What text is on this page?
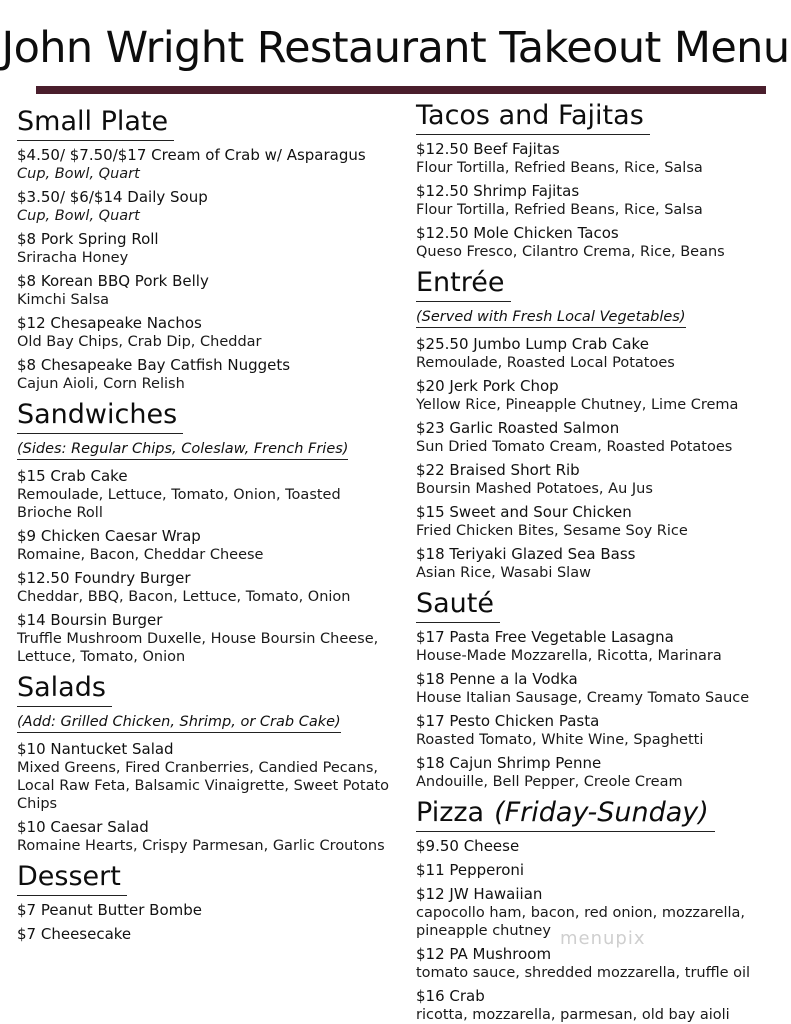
John Wright Restaurant Takeout Menu
Small Plate
$4.50/ $7.50/$17 Cream of Crab w/ Asparagus
Cup, Bowl, Quart
$3.50/ $6/$14 Daily Soup
Cup, Bowl, Quart
$8 Pork Spring Roll
Sriracha Honey
$8 Korean BBQ Pork Belly
Kimchi Salsa
$12 Chesapeake Nachos
Old Bay Chips, Crab Dip, Cheddar
$8 Chesapeake Bay Catfish Nuggets
Cajun Aioli, Corn Relish
Sandwiches
(Sides: Regular Chips, Coleslaw, French Fries)
$15 Crab Cake
Remoulade, Lettuce, Tomato, Onion, Toasted Brioche Roll
$9 Chicken Caesar Wrap
Romaine, Bacon, Cheddar Cheese
$12.50 Foundry Burger
Cheddar, BBQ, Bacon, Lettuce, Tomato, Onion
$14 Boursin Burger
Truffle Mushroom Duxelle, House Boursin Cheese, Lettuce, Tomato, Onion
Salads
(Add: Grilled Chicken, Shrimp, or Crab Cake)
$10 Nantucket Salad
Mixed Greens, Fired Cranberries, Candied Pecans, Local Raw Feta, Balsamic Vinaigrette, Sweet Potato Chips
$10 Caesar Salad
Romaine Hearts, Crispy Parmesan, Garlic Croutons
Dessert
$7 Peanut Butter Bombe
$7 Cheesecake
Tacos and Fajitas
$12.50 Beef Fajitas
Flour Tortilla, Refried Beans, Rice, Salsa
$12.50 Shrimp Fajitas
Flour Tortilla, Refried Beans, Rice, Salsa
$12.50 Mole Chicken Tacos
Queso Fresco, Cilantro Crema, Rice, Beans
Entrée
(Served with Fresh Local Vegetables)
$25.50 Jumbo Lump Crab Cake
Remoulade, Roasted Local Potatoes
$20 Jerk Pork Chop
Yellow Rice, Pineapple Chutney, Lime Crema
$23 Garlic Roasted Salmon
Sun Dried Tomato Cream, Roasted Potatoes
$22 Braised Short Rib
Boursin Mashed Potatoes, Au Jus
$15 Sweet and Sour Chicken
Fried Chicken Bites, Sesame Soy Rice
$18 Teriyaki Glazed Sea Bass
Asian Rice, Wasabi Slaw
Sauté
$17 Pasta Free Vegetable Lasagna
House-Made Mozzarella, Ricotta, Marinara
$18 Penne a la Vodka
House Italian Sausage, Creamy Tomato Sauce
$17 Pesto Chicken Pasta
Roasted Tomato, White Wine, Spaghetti
$18 Cajun Shrimp Penne
Andouille, Bell Pepper, Creole Cream
Pizza (Friday-Sunday)
$9.50 Cheese
$11 Pepperoni
$12 JW Hawaiian
capocollo ham, bacon, red onion, mozzarella, pineapple chutney
$12 PA Mushroom
tomato sauce, shredded mozzarella, truffle oil
$16 Crab
ricotta, mozzarella, parmesan, old bay aioli
menupix
